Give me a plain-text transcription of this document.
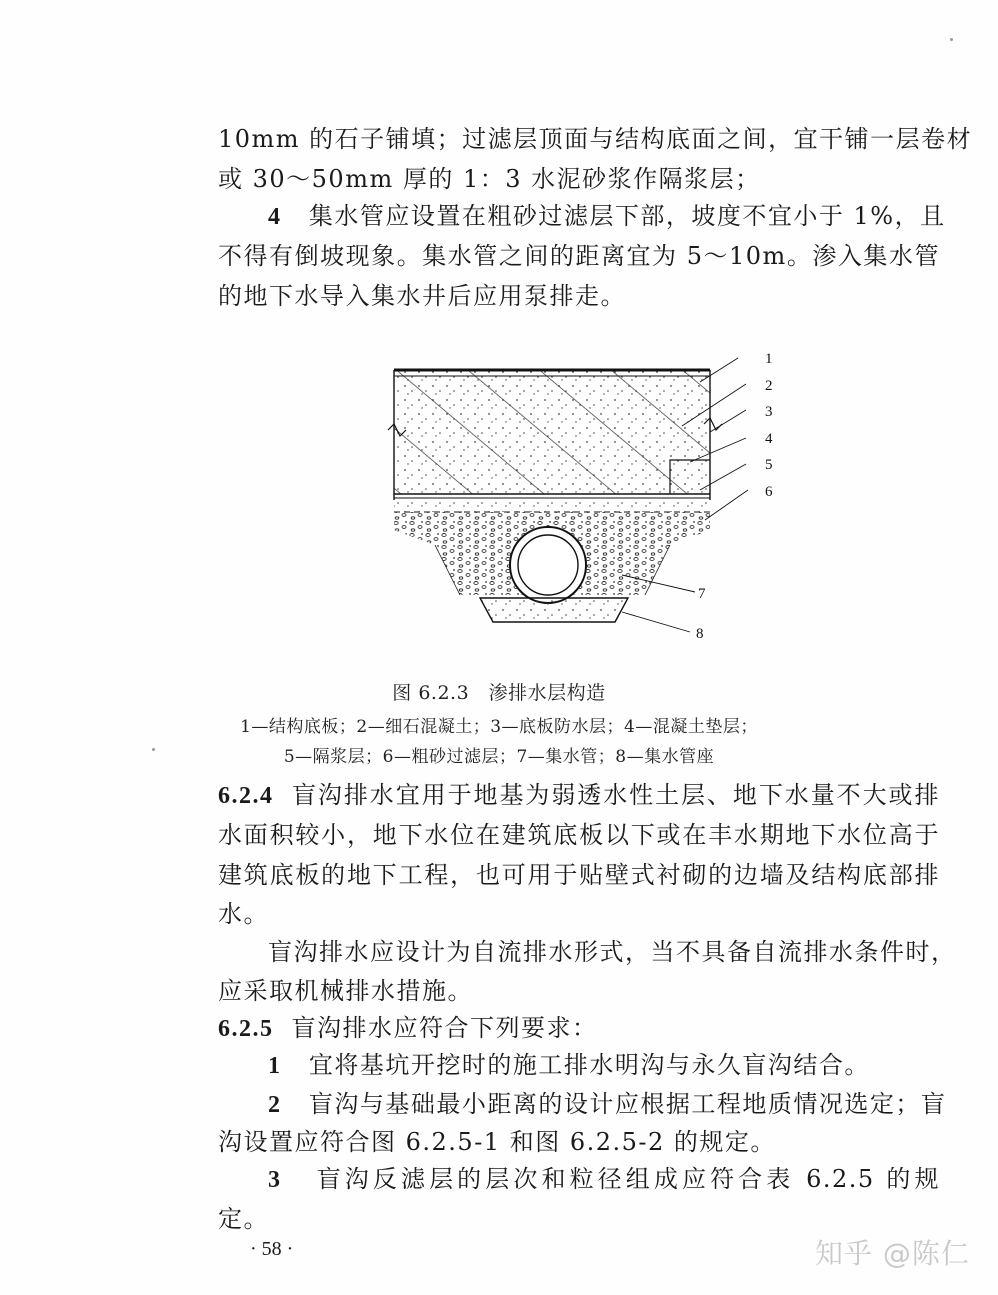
10mm 的石子铺填；过滤层顶面与结构底面之间，宜干铺一层卷材
或 30～50mm 厚的 1：3 水泥砂浆作隔浆层；
4 集水管应设置在粗砂过滤层下部，坡度不宜小于 1%，且
不得有倒坡现象。集水管之间的距离宜为 5～10m。渗入集水管
的地下水导入集水井后应用泵排走。
1
2
3
4
5
6
7
8
图 6.2.3　渗排水层构造
1—结构底板；2—细石混凝土；3—底板防水层；4—混凝土垫层；
5—隔浆层；6—粗砂过滤层；7—集水管；8—集水管座
6.2.4 盲沟排水宜用于地基为弱透水性土层、地下水量不大或排
水面积较小，地下水位在建筑底板以下或在丰水期地下水位高于
建筑底板的地下工程，也可用于贴壁式衬砌的边墙及结构底部排
水。
盲沟排水应设计为自流排水形式，当不具备自流排水条件时，
应采取机械排水措施。
6.2.5 盲沟排水应符合下列要求：
1 宜将基坑开挖时的施工排水明沟与永久盲沟结合。
2 盲沟与基础最小距离的设计应根据工程地质情况选定；盲
沟设置应符合图 6.2.5-1 和图 6.2.5-2 的规定。
3 盲沟反滤层的层次和粒径组成应符合表 6.2.5 的规
定。
· 58 ·	知乎 @陈仁
